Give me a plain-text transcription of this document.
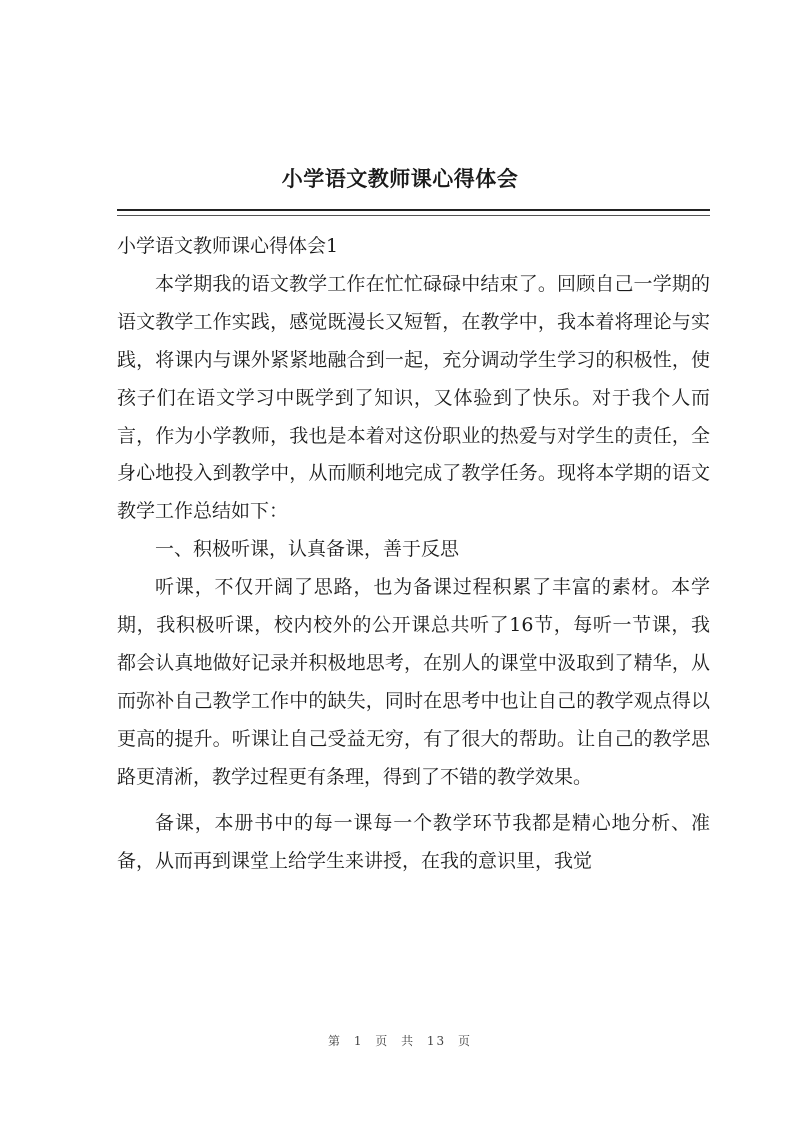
小学语文教师课心得体会

小学语文教师课心得体会1

本学期我的语文教学工作在忙忙碌碌中结束了。回顾自己一学期的语文教学工作实践，感觉既漫长又短暂，在教学中，我本着将理论与实践，将课内与课外紧紧地融合到一起，充分调动学生学习的积极性，使孩子们在语文学习中既学到了知识，又体验到了快乐。对于我个人而言，作为小学教师，我也是本着对这份职业的热爱与对学生的责任，全身心地投入到教学中，从而顺利地完成了教学任务。现将本学期的语文教学工作总结如下：

一、积极听课，认真备课，善于反思

听课，不仅开阔了思路，也为备课过程积累了丰富的素材。本学期，我积极听课，校内校外的公开课总共听了16节，每听一节课，我都会认真地做好记录并积极地思考，在别人的课堂中汲取到了精华，从而弥补自己教学工作中的缺失，同时在思考中也让自己的教学观点得以更高的提升。听课让自己受益无穷，有了很大的帮助。让自己的教学思路更清淅，教学过程更有条理，得到了不错的教学效果。

备课，本册书中的每一课每一个教学环节我都是精心地分析、准备，从而再到课堂上给学生来讲授，在我的意识里，我觉

第 1 页 共 13 页
